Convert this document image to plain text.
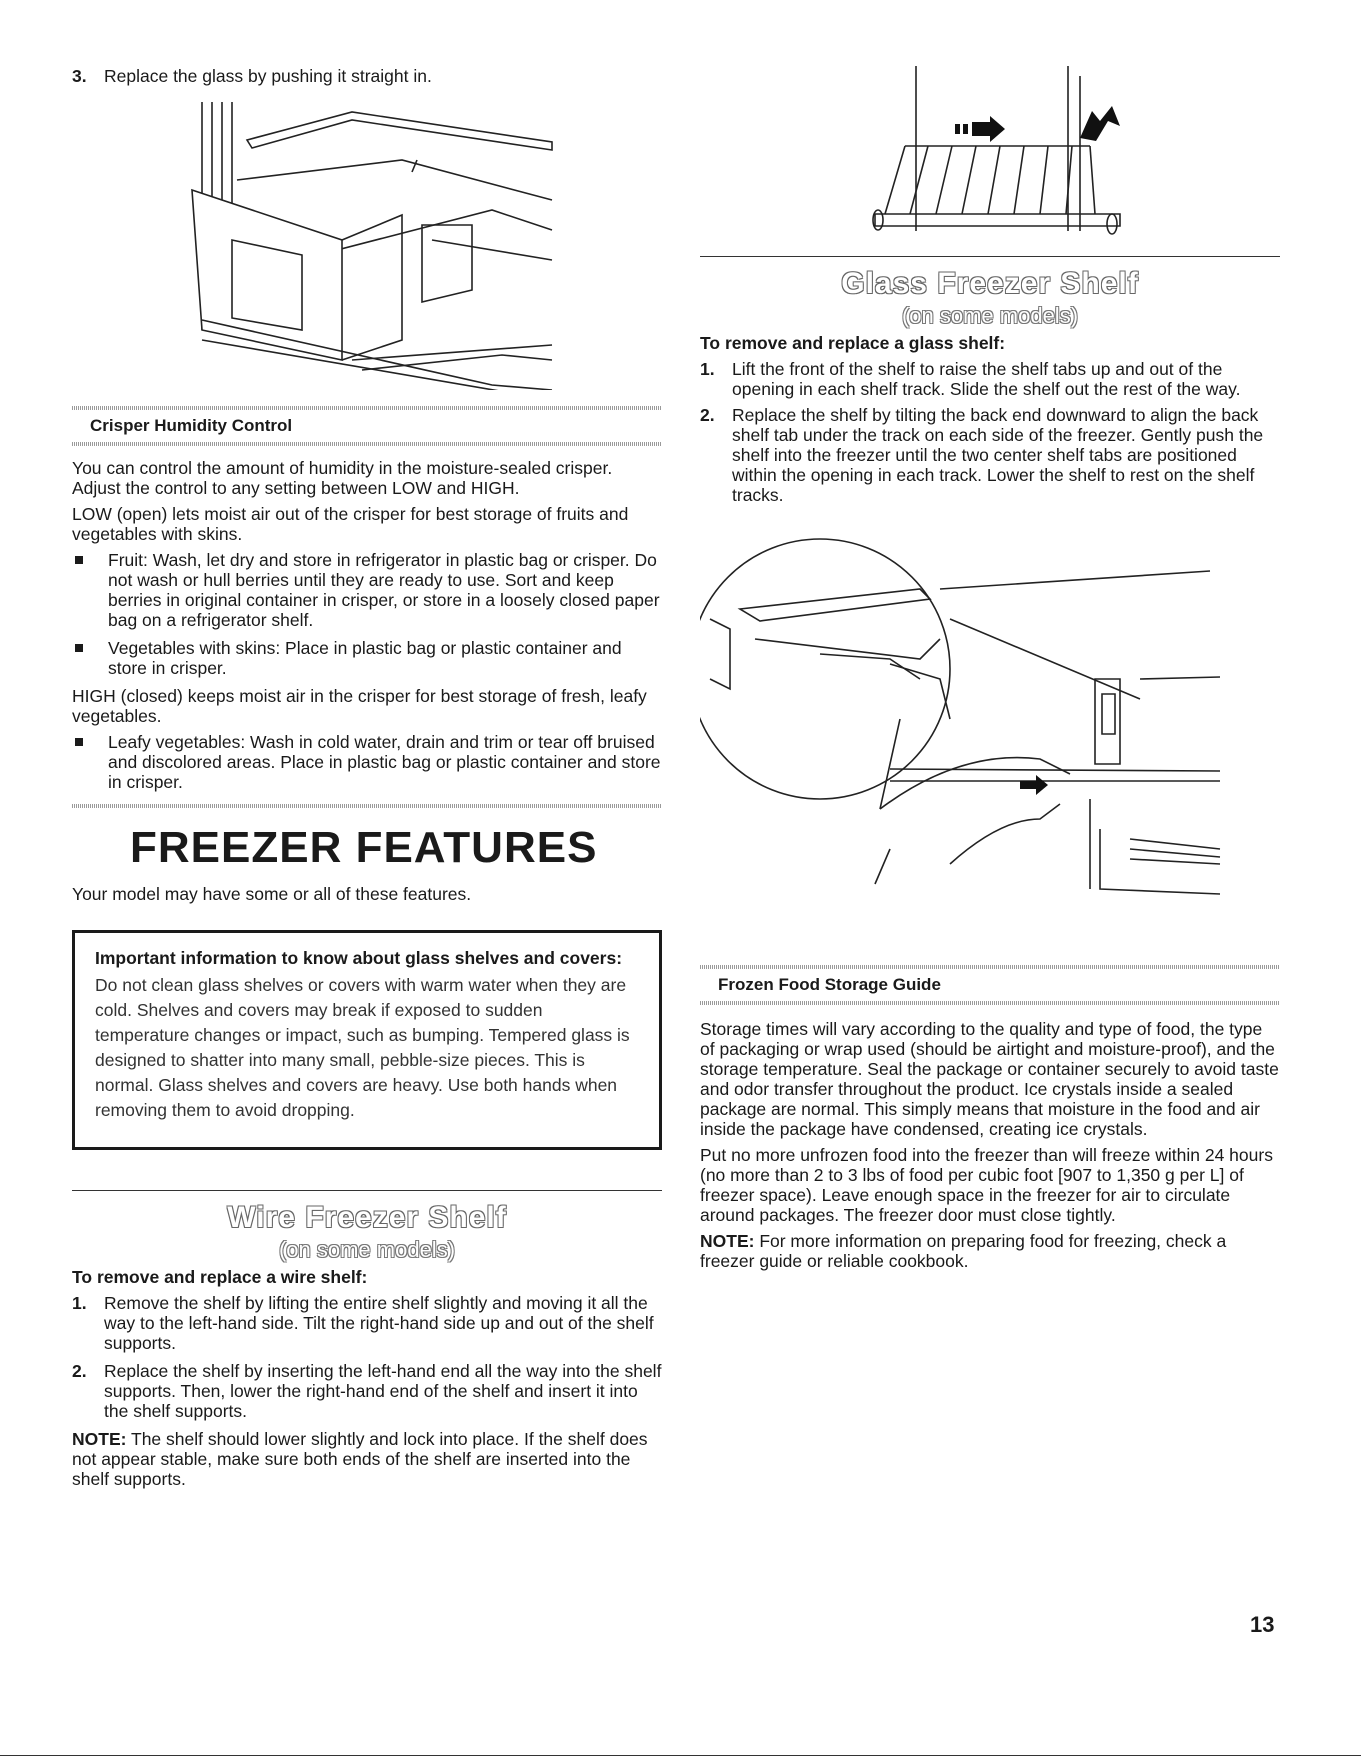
3. Replace the glass by pushing it straight in.
Crisper Humidity Control

You can control the amount of humidity in the moisture-sealed crisper. Adjust the control to any setting between LOW and HIGH.

LOW (open) lets moist air out of the crisper for best storage of fruits and vegetables with skins.

Fruit: Wash, let dry and store in refrigerator in plastic bag or crisper. Do not wash or hull berries until they are ready to use. Sort and keep berries in original container in crisper, or store in a loosely closed paper bag on a refrigerator shelf.
Vegetables with skins: Place in plastic bag or plastic container and store in crisper.

HIGH (closed) keeps moist air in the crisper for best storage of fresh, leafy vegetables.

Leafy vegetables: Wash in cold water, drain and trim or tear off bruised and discolored areas. Place in plastic bag or plastic container and store in crisper.
FREEZER FEATURES

Your model may have some or all of these features.

Important information to know about glass shelves and covers:

Do not clean glass shelves or covers with warm water when they are cold. Shelves and covers may break if exposed to sudden temperature changes or impact, such as bumping. Tempered glass is designed to shatter into many small, pebble-size pieces. This is normal. Glass shelves and covers are heavy. Use both hands when removing them to avoid dropping.

Wire Freezer Shelf
(on some models)

To remove and replace a wire shelf:

1. Remove the shelf by lifting the entire shelf slightly and moving it all the way to the left-hand side. Tilt the right-hand side up and out of the shelf supports.
2. Replace the shelf by inserting the left-hand end all the way into the shelf supports. Then, lower the right-hand end of the shelf and insert it into the shelf supports.

NOTE: The shelf should lower slightly and lock into place. If the shelf does not appear stable, make sure both ends of the shelf are inserted into the shelf supports.

Glass Freezer Shelf
(on some models)

To remove and replace a glass shelf:

1. Lift the front of the shelf to raise the shelf tabs up and out of the opening in each shelf track. Slide the shelf out the rest of the way.
2. Replace the shelf by tilting the back end downward to align the back shelf tab under the track on each side of the freezer. Gently push the shelf into the freezer until the two center shelf tabs are positioned within the opening in each track. Lower the shelf to rest on the shelf tracks.
Frozen Food Storage Guide

Storage times will vary according to the quality and type of food, the type of packaging or wrap used (should be airtight and moisture-proof), and the storage temperature. Seal the package or container securely to avoid taste and odor transfer throughout the product. Ice crystals inside a sealed package are normal. This simply means that moisture in the food and air inside the package have condensed, creating ice crystals.

Put no more unfrozen food into the freezer than will freeze within 24 hours (no more than 2 to 3 lbs of food per cubic foot [907 to 1,350 g per L] of freezer space). Leave enough space in the freezer for air to circulate around packages. The freezer door must close tightly.

NOTE: For more information on preparing food for freezing, check a freezer guide or reliable cookbook.

13
